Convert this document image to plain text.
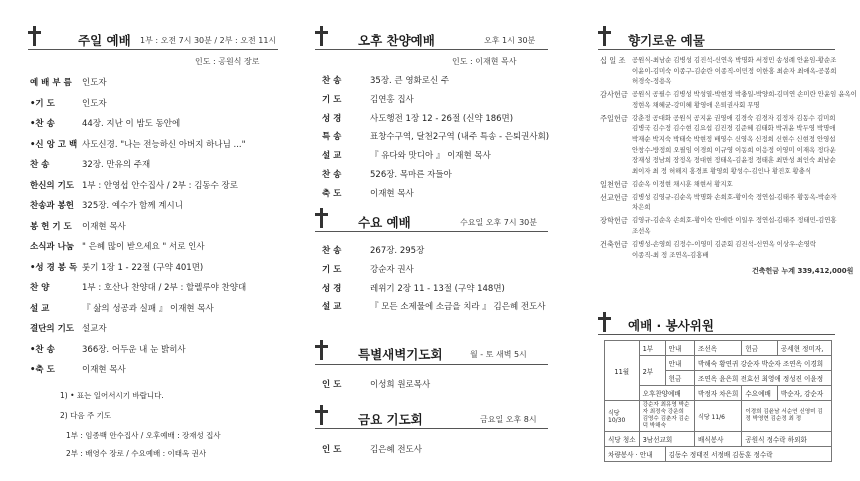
주일 예배 1부 : 오전 7시 30분 / 2부 : 오전 11시
인도 : 공원식 장로
예 배 부 름 인도자
•기 도	인도자
•찬 송	44장. 지난 이 밤도 동안에
•신 앙 고 백 사도신경. "나는 전능하신 아버지 하나님 ..."
찬 송	32장. 만유의 주재
한신의 기도 1부 : 안영섭 안수집사 / 2부 : 김동수 장로
찬송과 봉헌 325장. 예수가 함께 계시니
봉 헌 기 도 이재현 목사
소식과 나눔 " 은혜 많이 받으세요 " 서로 인사
•성 경 봉 독 룻기 1장 1 - 22절 (구약 401면)
찬 양	1부 : 호산나 찬양대 / 2부 : 할렐루야 찬양대
설 교	『 삶의 성공과 실패 』 이재현 목사
결단의 기도 설교자
•찬 송	366장. 어두운 내 눈 밝히사
•축 도	이재현 목사
1) • 표는 일어서시기 바랍니다.
2) 다음 주 기도
1부 : 임종백 안수집사 / 오후예배 : 장재성 집사
2부 : 배영수 장로 / 수요예배 : 이태옥 권사
오후 찬양예배	오후 1시 30분
인도 : 이재현 목사
찬 송	35장. 큰 영화로신 주
기 도	김연홍 집사
성 경	사도행전 1장 12 - 26절 (신약 186면)
특 송	표창수구역, 달천2구역 (내주 특송 - 은퇴권사회)
설 교	『 유다와 맛디아 』 이재현 목사
찬 송	526장. 목마른 자들아
축 도	이재현 목사
수요 예배	수요일 오후 7시 30분
찬 송	267장. 295장
기 도	강순자 권사
성 경	레위기 2장 11 - 13절 (구약 148면)
설 교	『 모든 소제물에 소금을 치라 』 김은혜 전도사
특별새벽기도회	월 - 토 새벽 5시
인 도	이성희 원로목사
금요 기도회	금요일 오후 8시
인 도	김은혜 전도사
향기로운 예물
십 일 조 공원식-최남순 김병성 김진석-신연옥 박명화 서정민 송성례 안윤임-황순조
이윤이-김미숙 이종구-김순란 이종직-이민정 이한홍 최순자 최애옥-공봉희
허경숙-정용옥
감사헌금 공원식 공필수 김병성 박성열-박현정 박충일-박양희-김미연 손미란 안윤임 윤옥이
정현옥 채혜균-강미혜 황영애 은퇴권사회 무명
주일헌금 강춘정 공대화 공원식 공지윤 권영애 김경숙 김경자 김정자 김동수 김미희
김병국 김수정 김수현 김요섭 김진경 김준혜 김태화 박귀윤 박두영 박명애
박재순 박지숙 박태숙 박현정 배영수 신영옥 신정희 신현수 신현정 안영섭
안창수-방정희 오필임 이경희 이규영 이동희 이응정 이영미 이재옥 정다운
장재성 정남희 장정옥 정대현 정태옥-김윤정 정태훈 최만성 최인숙 최남순
최이자 최 정 허해지 홍경표 황영희 황성수-김인나 황진호 황충식
일천헌금 김순옥 이정현 채시훈 채현서 황지호
선교헌금 김병성 김영규-김순옥 박명화 손희호-황이숙 정연섭-김태주 황동옥-박순자
차은희
장학헌금 김영규-김순옥 손희호-황이숙 안에란 이일우 정연섭-김태주 정태민-김연홍
조선옥
건축헌금 김병성-손영희 김정수-이영미 김준회 김진석-신연옥 이상우-손영락
이종직-최 정 조연옥-김홍배
건축헌금 누계 339,412,000원
예배 · 봉사위원
11월	1부	안내	조선옥	헌금	공세현 정미자,
	2부	안내	박해숙 황연귀 강순자 박순자 조연옥 이경희		
		헌금	조연옥 윤은희 전효선 최영애 정성진 이윤정		
	오후찬양예배		박정자 차은희	수요예배	박순자, 강순자
식당 10/30	강순자 최유영 박순자 최정숙 강운희 김영수 김춘자 김순덕 박해숙		식당 11/6	이경희 김윤남 서순연 신영미 김 정 박영현 김순정 최 정	
식당 청소	3남선교회		배식봉사	공원식 정수락 하외화	
차량봉사 · 안내		김동수 정태진 서정배 김동훈 정수락			
